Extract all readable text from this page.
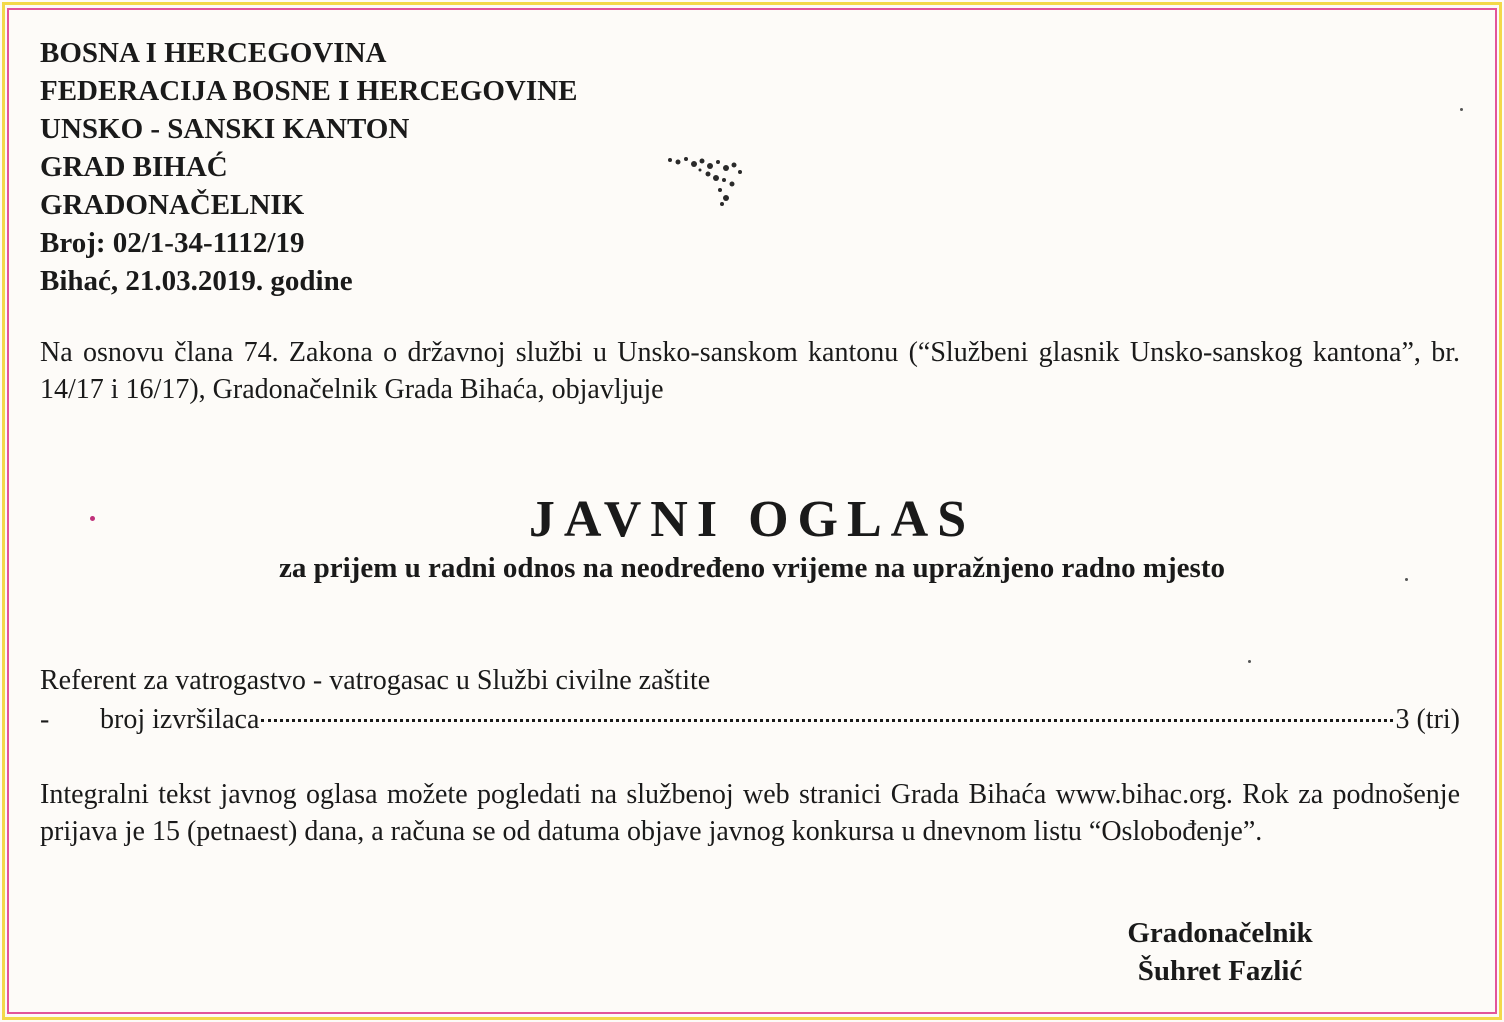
BOSNA I HERCEGOVINA
FEDERACIJA BOSNE I HERCEGOVINE
UNSKO - SANSKI KANTON
GRAD BIHAĆ
GRADONAČELNIK
Broj: 02/1-34-1112/19
Bihać, 21.03.2019. godine
Na osnovu člana 74. Zakona o državnoj službi u Unsko-sanskom kantonu (“Službeni glasnik Unsko-sanskog kantona”, br. 14/17 i 16/17), Gradonačelnik Grada Bihaća, objavljuje
JAVNI OGLAS
za prijem u radni odnos na neodređeno vrijeme na upražnjeno radno mjesto
Referent za vatrogastvo - vatrogasac u Službi civilne zaštite
-	broj izvršilaca	3 (tri)
Integralni tekst javnog oglasa možete pogledati na službenoj web stranici Grada Bihaća www.bihac.org. Rok za podnošenje prijava je 15 (petnaest) dana, a računa se od datuma objave javnog konkursa u dnevnom listu “Oslobođenje”.
Gradonačelnik
Šuhret Fazlić
